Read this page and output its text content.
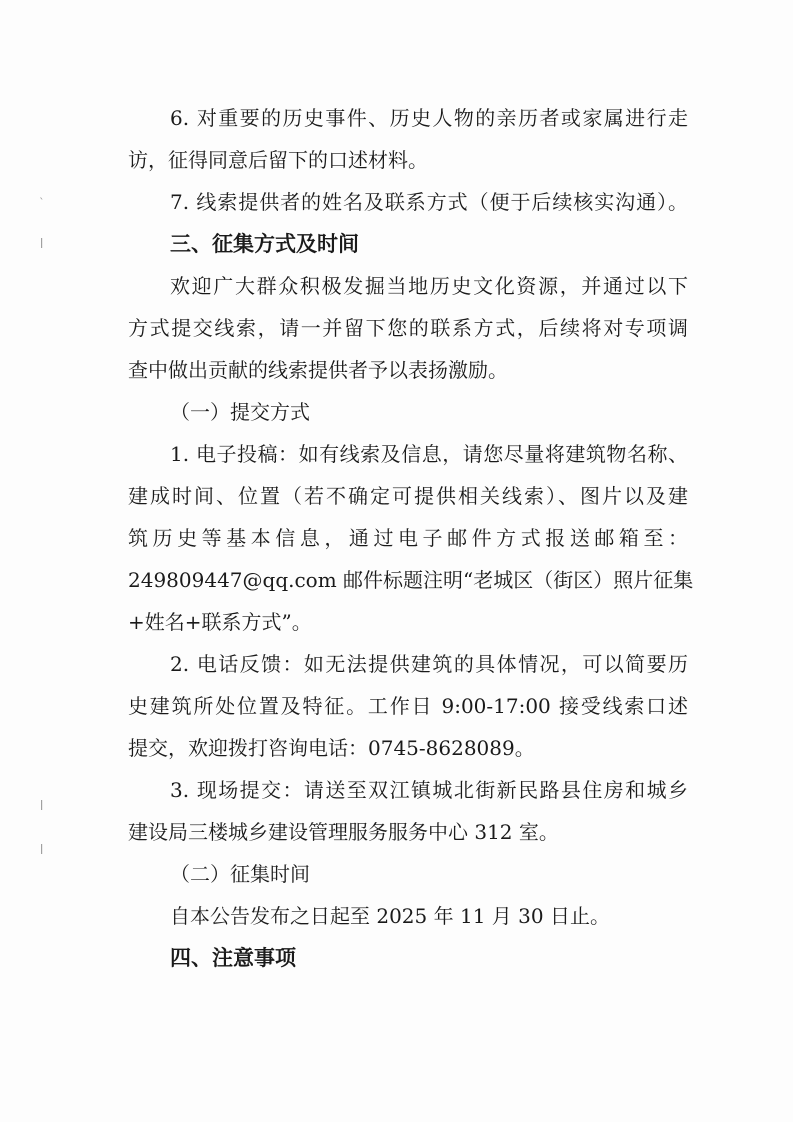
6. 对重要的历史事件、历史人物的亲历者或家属进行走
访，征得同意后留下的口述材料。
7. 线索提供者的姓名及联系方式（便于后续核实沟通）。
三、征集方式及时间
欢迎广大群众积极发掘当地历史文化资源，并通过以下
方式提交线索，请一并留下您的联系方式，后续将对专项调
查中做出贡献的线索提供者予以表扬激励。
（一）提交方式
1. 电子投稿：如有线索及信息，请您尽量将建筑物名称、
建成时间、位置（若不确定可提供相关线索）、图片以及建
筑历史等基本信息，通过电子邮件方式报送邮箱至：
249809447@qq.com 邮件标题注明“老城区（街区）照片征集
+姓名+联系方式”。
2. 电话反馈：如无法提供建筑的具体情况，可以简要历
史建筑所处位置及特征。工作日 9:00-17:00 接受线索口述
提交，欢迎拨打咨询电话：0745-8628089。
3. 现场提交：请送至双江镇城北街新民路县住房和城乡
建设局三楼城乡建设管理服务服务中心 312 室。
（二）征集时间
自本公告发布之日起至 2025 年 11 月 30 日止。
四、注意事项
՝
ǀ
ǀ
ǀ
